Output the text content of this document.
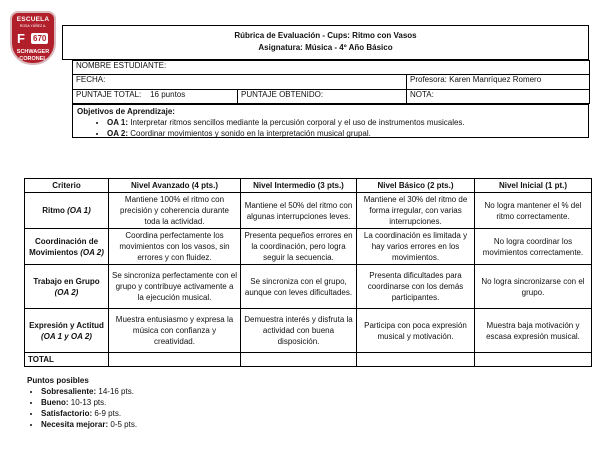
ESCUELA
ROSA YÁÑEZ A.
F 670
SCHWAGER
CORONEL
Rúbrica de Evaluación - Cups: Ritmo con Vasos
Asignatura: Música - 4º Año Básico
NOMBRE ESTUDIANTE:		
FECHA:		Profesora: Karen Manríquez Romero
PUNTAJE TOTAL: 16 puntos	PUNTAJE OBTENIDO:	NOTA:
Objetivos de Aprendizaje:
• OA 1: Interpretar ritmos sencillos mediante la percusión corporal y el uso de instrumentos musicales.
• OA 2: Coordinar movimientos y sonido en la interpretación musical grupal.
Criterio	Nivel Avanzado (4 pts.)	Nivel Intermedio (3 pts.)	Nivel Básico (2 pts.)	Nivel Inicial (1 pt.)
Ritmo (OA 1)	Mantiene 100% el ritmo con precisión y coherencia durante toda la actividad.	Mantiene el 50% del ritmo con algunas interrupciones leves.	Mantiene el 30% del ritmo de forma irregular, con varias interrupciones.	No logra mantener el % del ritmo correctamente.
Coordinación de Movimientos (OA 2)	Coordina perfectamente los movimientos con los vasos, sin errores y con fluidez.	Presenta pequeños errores en la coordinación, pero logra seguir la secuencia.	La coordinación es limitada y hay varios errores en los movimientos.	No logra coordinar los movimientos correctamente.
Trabajo en Grupo (OA 2)	Se sincroniza perfectamente con el grupo y contribuye activamente a la ejecución musical.	Se sincroniza con el grupo, aunque con leves dificultades.	Presenta dificultades para coordinarse con los demás participantes.	No logra sincronizarse con el grupo.
Expresión y Actitud (OA 1 y OA 2)	Muestra entusiasmo y expresa la música con confianza y creatividad.	Demuestra interés y disfruta la actividad con buena disposición.	Participa con poca expresión musical y motivación.	Muestra baja motivación y escasa expresión musical.
TOTAL				
Puntos posibles
• Sobresaliente: 14-16 pts.
• Bueno: 10-13 pts.
• Satisfactorio: 6-9 pts.
• Necesita mejorar: 0-5 pts.
